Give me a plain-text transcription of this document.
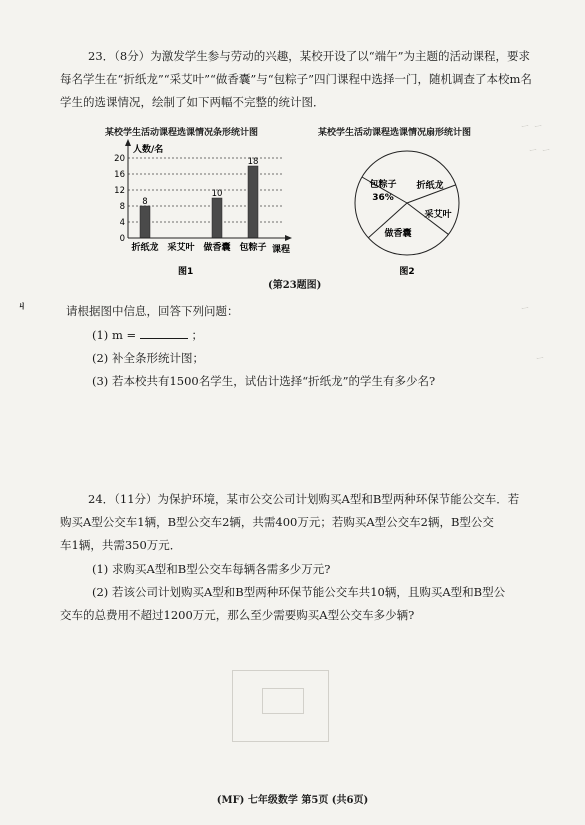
ㄧ ㄧ
ㄧ ㄧ
ㄧ
ㄧ
23．（8分）为激发学生参与劳动的兴趣，某校开设了以“端午”为主题的活动课程，要求
每名学生在“折纸龙”“采艾叶”“做香囊”与“包粽子”四门课程中选择一门，随机调查了本校m名
学生的选课情况，绘制了如下两幅不完整的统计图．
某校学生活动课程选课情况条形统计图	某校学生活动课程选课情况扇形统计图
0
4
8
12
16
20
8
10
18
折纸龙 采艾叶 做香囊 包粽子
人数/名
课程
图1
包粽子
36%
折纸龙
采艾叶
做香囊
图2
(第23题图)
ㄐ	请根据图中信息，回答下列问题：
(1) m =	；
(2) 补全条形统计图；
(3) 若本校共有1500名学生，试估计选择“折纸龙”的学生有多少名?
24．（11分）为保护环境，某市公交公司计划购买A型和B型两种环保节能公交车．若
购买A型公交车1辆，B型公交车2辆，共需400万元；若购买A型公交车2辆，B型公交
车1辆，共需350万元．
(1) 求购买A型和B型公交车每辆各需多少万元?
(2) 若该公司计划购买A型和B型两种环保节能公交车共10辆，且购买A型和B型公
交车的总费用不超过1200万元，那么至少需要购买A型公交车多少辆?
(MF) 七年级数学 第5页 (共6页)
